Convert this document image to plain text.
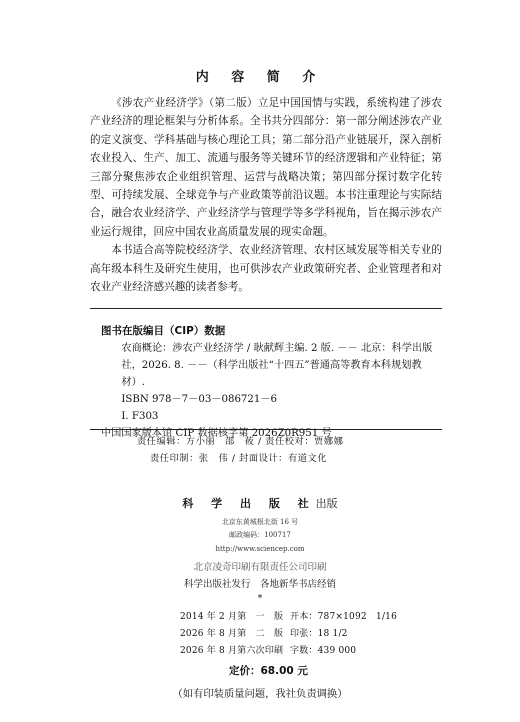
内 容 简 介

《涉农产业经济学》（第二版）立足中国国情与实践，系统构建了涉农产业经济的理论框架与分析体系。全书共分四部分：第一部分阐述涉农产业的定义演变、学科基础与核心理论工具；第二部分沿产业链展开，深入剖析农业投入、生产、加工、流通与服务等关键环节的经济逻辑和产业特征；第三部分聚焦涉农企业组织管理、运营与战略决策；第四部分探讨数字化转型、可持续发展、全球竞争与产业政策等前沿议题。本书注重理论与实际结合，融合农业经济学、产业经济学与管理学等多学科视角，旨在揭示涉农产业运行规律，回应中国农业高质量发展的现实命题。

本书适合高等院校经济学、农业经济管理、农村区域发展等相关专业的高年级本科生及研究生使用，也可供涉农产业政策研究者、企业管理者和对农业产业经济感兴趣的读者参考。

图书在版编目（CIP）数据
农商概论：涉农产业经济学 / 耿献辉主编. 2 版. －－ 北京：科学出版社，2026. 8. －－（科学出版社“十四五”普通高等教育本科规划教材）.
ISBN 978－7－03－086721－6
Ⅰ. F303
中国国家版本馆 CIP 数据核字第 2026Z0R951 号
责任编辑：方小丽　邵　莜 / 责任校对：贾娜娜
责任印制：张　伟 / 封面设计：有道文化
科 学 出 版 社出版
北京东黄城根北街 16 号
邮政编码：100717
http://www.sciencep.com
北京凌奇印刷有限责任公司印刷
科学出版社发行　各地新华书店经销
*
2014 年 2 月第　一　版 开本：787×1092　1/16
2026 年 8 月第　二　版 印张：18 1/2
2026 年 8 月第六次印刷 字数：439 000
定价：68.00 元
（如有印装质量问题，我社负责调换）
